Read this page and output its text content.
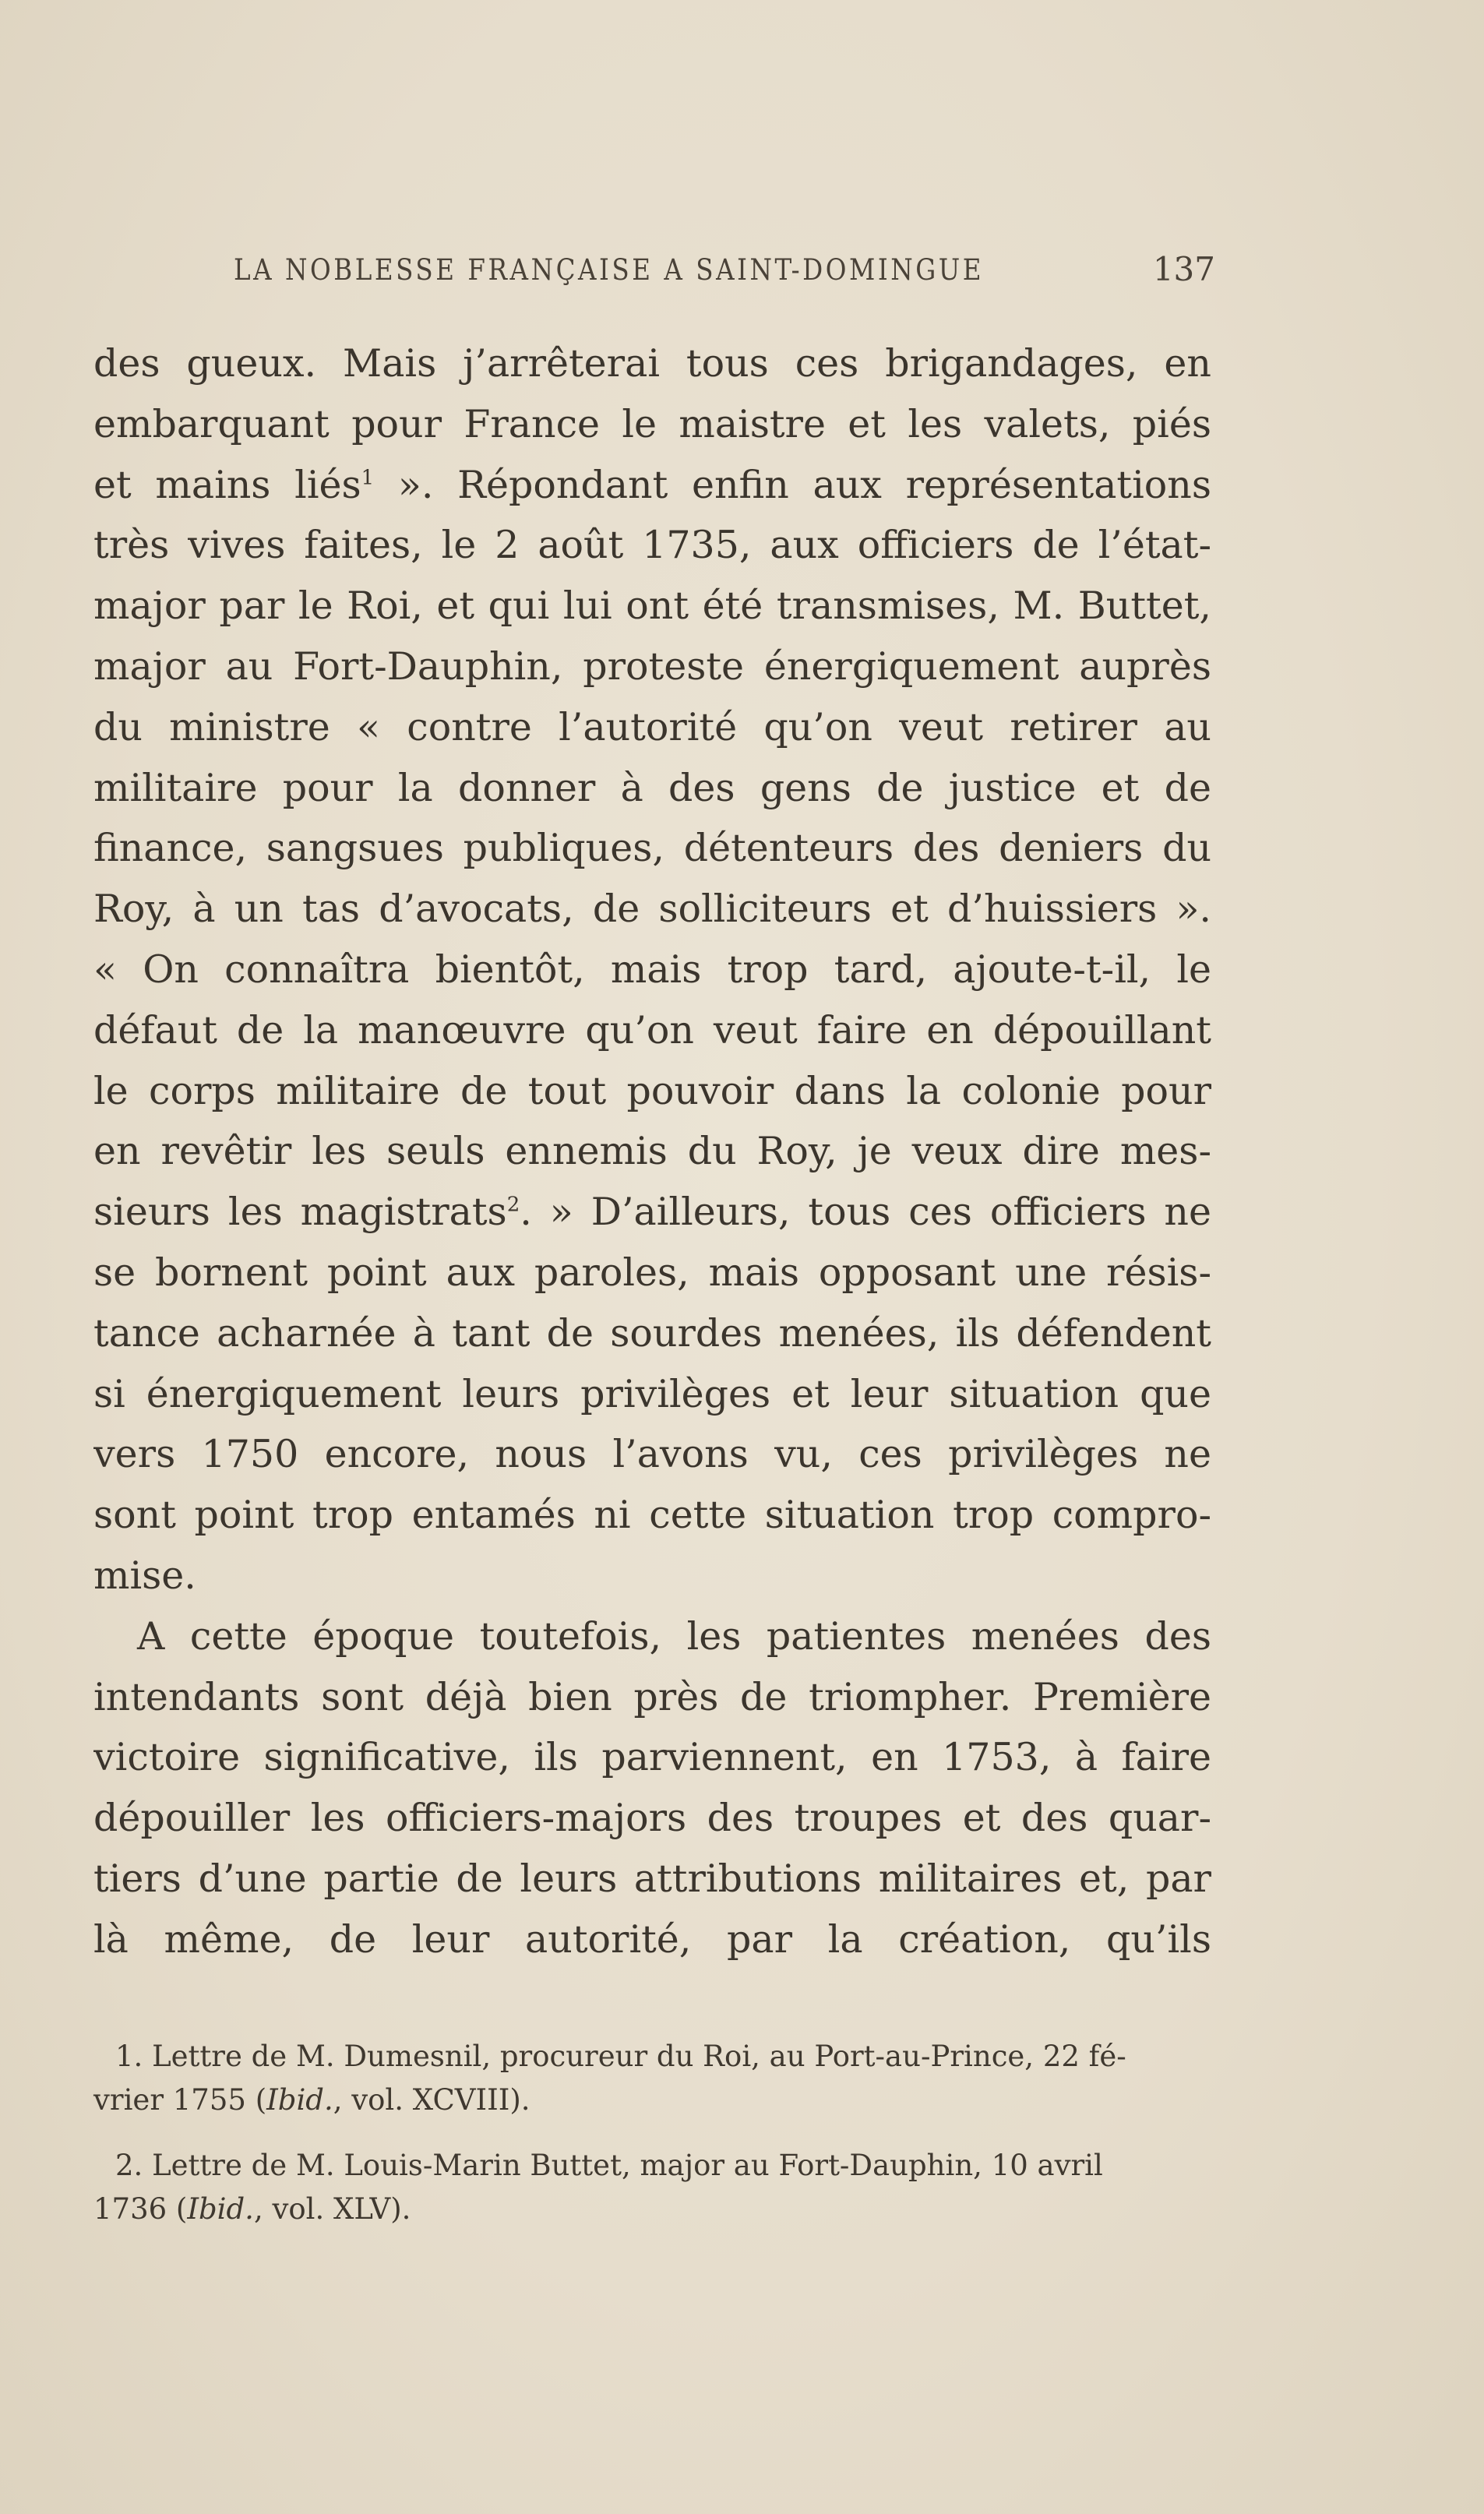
LA NOBLESSE FRANÇAISE A SAINT-DOMINGUE	137
des gueux. Mais j’arrêterai tous ces brigandages, en
embarquant pour France le maistre et les valets, piés
et mains liés$^1$ ». Répondant enfin aux représentations
très vives faites, le 2 août 1735, aux officiers de l’état-
major par le Roi, et qui lui ont été transmises, M. Buttet,
major au Fort-Dauphin, proteste énergiquement auprès
du ministre « contre l’autorité qu’on veut retirer au
militaire pour la donner à des gens de justice et de
finance, sangsues publiques, détenteurs des deniers du
Roy, à un tas d’avocats, de solliciteurs et d’huissiers ».
« On connaîtra bientôt, mais trop tard, ajoute-t-il, le
défaut de la manœuvre qu’on veut faire en dépouillant
le corps militaire de tout pouvoir dans la colonie pour
en revêtir les seuls ennemis du Roy, je veux dire mes-
sieurs les magistrats$^2$. » D’ailleurs, tous ces officiers ne
se bornent point aux paroles, mais opposant une résis-
tance acharnée à tant de sourdes menées, ils défendent
si énergiquement leurs privilèges et leur situation que
vers 1750 encore, nous l’avons vu, ces privilèges ne
sont point trop entamés ni cette situation trop compro-
mise.
A cette époque toutefois, les patientes menées des
intendants sont déjà bien près de triompher. Première
victoire significative, ils parviennent, en 1753, à faire
dépouiller les officiers-majors des troupes et des quar-
tiers d’une partie de leurs attributions militaires et, par
là même, de leur autorité, par la création, qu’ils
1. Lettre de M. Dumesnil, procureur du Roi, au Port-au-Prince, 22 fé-
vrier 1755 (Ibid., vol. XCVIII).
2. Lettre de M. Louis-Marin Buttet, major au Fort-Dauphin, 10 avril
1736 (Ibid., vol. XLV).
